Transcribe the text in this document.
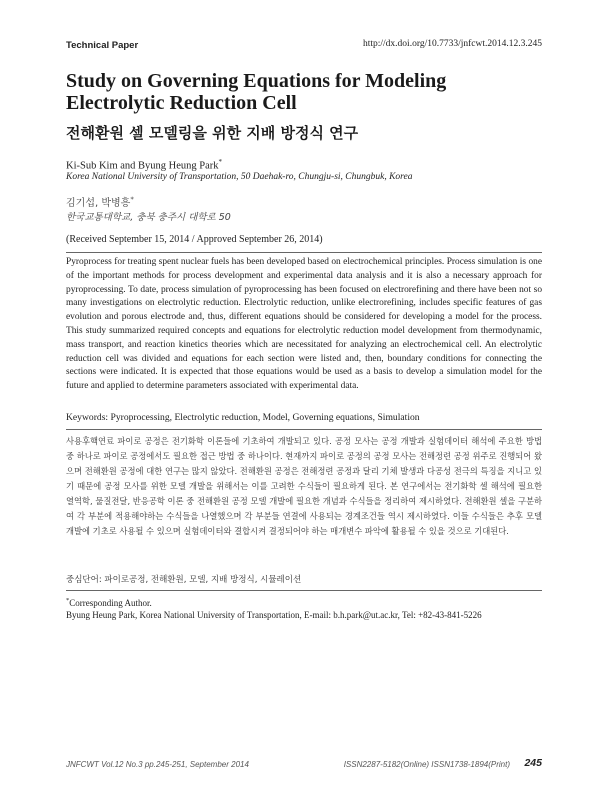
Technical Paper	http://dx.doi.org/10.7733/jnfcwt.2014.12.3.245
Study on Governing Equations for Modeling Electrolytic Reduction Cell
전해환원 셀 모델링을 위한 지배 방정식 연구
Ki-Sub Kim and Byung Heung Park*
Korea National University of Transportation, 50 Daehak-ro, Chungju-si, Chungbuk, Korea
김기섭, 박병흥*
한국교통대학교, 충북 충주시 대학로 50
(Received September 15, 2014 / Approved September 26, 2014)
Pyroprocess for treating spent nuclear fuels has been developed based on electrochemical principles. Process simulation is one of the important methods for process development and experimental data analysis and it is also a necessary approach for pyroprocessing. To date, process simulation of pyroprocessing has been focused on electrorefining and there have been not so many investigations on electrolytic reduction. Electrolytic reduction, unlike electrorefining, includes specific features of gas evolution and porous electrode and, thus, different equations should be considered for developing a model for the process. This study summarized required concepts and equations for electrolytic reduction model development from thermodynamic, mass transport, and reaction kinetics theories which are necessitated for analyzing an electrochemical cell. An electrolytic reduction cell was divided and equations for each section were listed and, then, boundary conditions for connecting the sections were indicated. It is expected that those equations would be used as a basis to develop a simulation model for the future and applied to determine parameters associated with experimental data.
Keywords: Pyroprocessing, Electrolytic reduction, Model, Governing equations, Simulation
사용후핵연료 파이로 공정은 전기화학 이론들에 기초하여 개발되고 있다. 공정 모사는 공정 개발과 실험데이터 해석에 주요한 방법 중 하나로 파이로 공정에서도 필요한 접근 방법 중 하나이다. 현재까지 파이로 공정의 공정 모사는 전해정련 공정 위주로 진행되어 왔으며 전해환원 공정에 대한 연구는 많지 않았다. 전해환원 공정은 전해정련 공정과 달리 기체 발생과 다공성 전극의 특징을 지니고 있기 때문에 공정 모사를 위한 모델 개발을 위해서는 이를 고려한 수식들이 필요하게 된다. 본 연구에서는 전기화학 셀 해석에 필요한 열역학, 물질전달, 반응공학 이론 중 전해환원 공정 모델 개발에 필요한 개념과 수식들을 정리하여 제시하였다. 전해환원 셀을 구분하여 각 부분에 적용해야하는 수식들을 나열했으며 각 부분들 연결에 사용되는 경계조건들 역시 제시하였다. 이들 수식들은 추후 모델 개발에 기초로 사용될 수 있으며 실험데이터와 결합시켜 결정되어야 하는 매개변수 파악에 활용될 수 있을 것으로 기대된다.
중심단어: 파이로공정, 전해환원, 모델, 지배 방정식, 시뮬레이션
*Corresponding Author.
Byung Heung Park, Korea National University of Transportation, E-mail: b.h.park@ut.ac.kr, Tel: +82-43-841-5226
JNFCWT Vol.12 No.3 pp.245-251, September 2014	ISSN2287-5182(Online) ISSN1738-1894(Print) 245
